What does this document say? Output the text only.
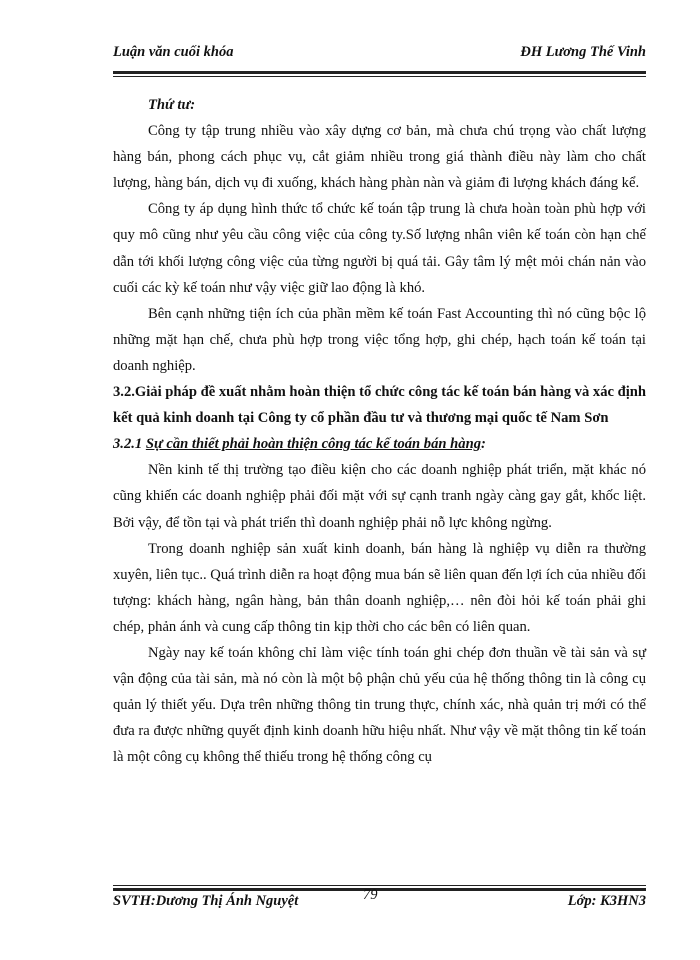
Luận văn cuối khóa	ĐH Lương Thế Vinh

Thứ tư:

Công ty tập trung nhiều vào xây dựng cơ bản, mà chưa chú trọng vào chất lượng hàng bán, phong cách phục vụ, cắt giảm nhiều trong giá thành điều này làm cho chất lượng, hàng bán, dịch vụ đi xuống, khách hàng phàn nàn và giảm đi lượng khách đáng kể.

Công ty áp dụng hình thức tổ chức kế toán tập trung là chưa hoàn toàn phù hợp với quy mô cũng như yêu cầu công việc của công ty.Số lượng nhân viên kế toán còn hạn chế dẫn tới khối lượng công việc của từng người bị quá tải. Gây tâm lý mệt mỏi chán nản vào cuối các kỳ kế toán như vậy việc giữ lao động là khó.

Bên cạnh những tiện ích của phần mềm kế toán Fast Accounting thì nó cũng bộc lộ những mặt hạn chế, chưa phù hợp trong việc tổng hợp, ghi chép, hạch toán kế toán tại doanh nghiệp.

3.2.Giải pháp đề xuất nhằm hoàn thiện tổ chức công tác kế toán bán hàng và xác định kết quả kinh doanh tại Công ty cổ phần đầu tư và thương mại quốc tế Nam Sơn
3.2.1 Sự cần thiết phải hoàn thiện công tác kế toán bán hàng:

Nền kinh tế thị trường tạo điều kiện cho các doanh nghiệp phát triển, mặt khác nó cũng khiến các doanh nghiệp phải đối mặt với sự cạnh tranh ngày càng gay gắt, khốc liệt. Bởi vậy, để tồn tại và phát triển thì doanh nghiệp phải nỗ lực không ngừng.

Trong doanh nghiệp sản xuất kinh doanh, bán hàng là nghiệp vụ diễn ra thường xuyên, liên tục.. Quá trình diễn ra hoạt động mua bán sẽ liên quan đến lợi ích của nhiều đối tượng: khách hàng, ngân hàng, bản thân doanh nghiệp,… nên đòi hỏi kế toán phải ghi chép, phản ánh và cung cấp thông tin kịp thời cho các bên có liên quan.

Ngày nay kế toán không chỉ làm việc tính toán ghi chép đơn thuần về tài sản và sự vận động của tài sản, mà nó còn là một bộ phận chủ yếu của hệ thống thông tin là công cụ quản lý thiết yếu. Dựa trên những thông tin trung thực, chính xác, nhà quản trị mới có thể đưa ra được những quyết định kinh doanh hữu hiệu nhất. Như vậy về mặt thông tin kế toán là một công cụ không thể thiếu trong hệ thống công cụ

SVTH:Dương Thị Ánh Nguyệt	79	Lớp: K3HN3
